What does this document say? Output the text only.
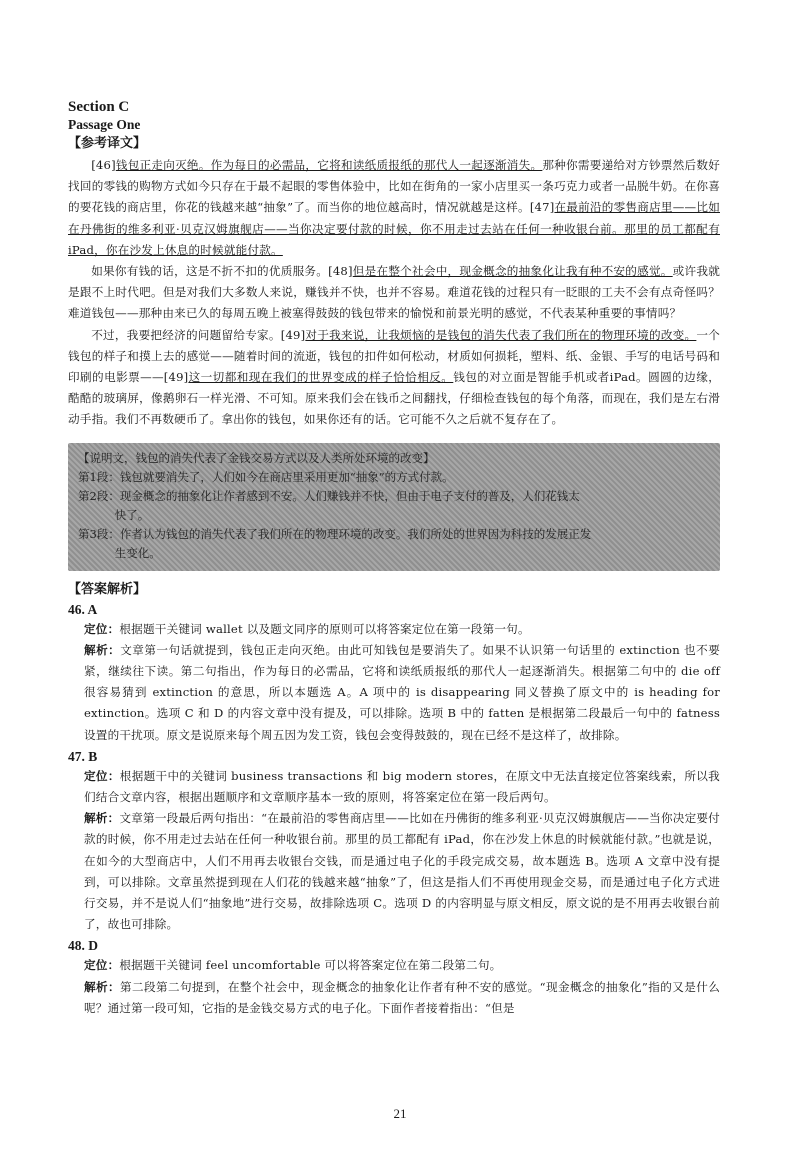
Section C
Passage One
【参考译文】

[46]钱包正走向灭绝。作为每日的必需品，它将和读纸质报纸的那代人一起逐渐消失。那种你需要递给对方钞票然后数好找回的零钱的购物方式如今只存在于最不起眼的零售体验中，比如在街角的一家小店里买一条巧克力或者一品脱牛奶。在你喜的要花钱的商店里，你花的钱越来越“抽象”了。而当你的地位越高时，情况就越是这样。[47]在最前沿的零售商店里——比如在丹佛街的维多利亚·贝克汉姆旗舰店——当你决定要付款的时候，你不用走过去站在任何一种收银台前。那里的员工都配有iPad，你在沙发上休息的时候就能付款。

如果你有钱的话，这是不折不扣的优质服务。[48]但是在整个社会中，现金概念的抽象化让我有种不安的感觉。或许我就是跟不上时代吧。但是对我们大多数人来说，赚钱并不快，也并不容易。难道花钱的过程只有一眨眼的工夫不会有点奇怪吗？难道钱包——那种由来已久的每周五晚上被塞得鼓鼓的钱包带来的愉悦和前景光明的感觉，不代表某种重要的事情吗？

不过，我要把经济的问题留给专家。[49]对于我来说，让我烦恼的是钱包的消失代表了我们所在的物理环境的改变。一个钱包的样子和摸上去的感觉——随着时间的流逝，钱包的扣件如何松动，材质如何损耗，塑料、纸、金银、手写的电话号码和印刷的电影票——[49]这一切都和现在我们的世界变成的样子恰恰相反。钱包的对立面是智能手机或者iPad。圆圆的边缘，酷酷的玻璃屏，像鹅卵石一样光滑、不可知。原来我们会在钱币之间翻找，仔细检查钱包的每个角落，而现在，我们是左右滑动手指。我们不再数硬币了。拿出你的钱包，如果你还有的话。它可能不久之后就不复存在了。

【说明文，钱包的消失代表了金钱交易方式以及人类所处环境的改变】
第1段：钱包就要消失了，人们如今在商店里采用更加“抽象”的方式付款。
第2段：现金概念的抽象化让作者感到不安。人们赚钱并不快，但由于电子支付的普及，人们花钱太
快了。
第3段：作者认为钱包的消失代表了我们所在的物理环境的改变。我们所处的世界因为科技的发展正发
生变化。
【答案解析】
46. A

定位：根据题干关键词 wallet 以及题文同序的原则可以将答案定位在第一段第一句。

解析：文章第一句话就提到，钱包正走向灭绝。由此可知钱包是要消失了。如果不认识第一句话里的 extinction 也不要紧，继续往下读。第二句指出，作为每日的必需品，它将和读纸质报纸的那代人一起逐渐消失。根据第二句中的 die off 很容易猜到 extinction 的意思，所以本题选 A。A 项中的 is disappearing 同义替换了原文中的 is heading for extinction。选项 C 和 D 的内容文章中没有提及，可以排除。选项 B 中的 fatten 是根据第二段最后一句中的 fatness 设置的干扰项。原文是说原来每个周五因为发工资，钱包会变得鼓鼓的，现在已经不是这样了，故排除。

47. B

定位：根据题干中的关键词 business transactions 和 big modern stores，在原文中无法直接定位答案线索，所以我们结合文章内容，根据出题顺序和文章顺序基本一致的原则，将答案定位在第一段后两句。

解析：文章第一段最后两句指出：“在最前沿的零售商店里——比如在丹佛街的维多利亚·贝克汉姆旗舰店——当你决定要付款的时候，你不用走过去站在任何一种收银台前。那里的员工都配有 iPad，你在沙发上休息的时候就能付款。”也就是说，在如今的大型商店中，人们不用再去收银台交钱，而是通过电子化的手段完成交易，故本题选 B。选项 A 文章中没有提到，可以排除。文章虽然提到现在人们花的钱越来越“抽象”了，但这是指人们不再使用现金交易，而是通过电子化方式进行交易，并不是说人们“抽象地”进行交易，故排除选项 C。选项 D 的内容明显与原文相反，原文说的是不用再去收银台前了，故也可排除。

48. D

定位：根据题干关键词 feel uncomfortable 可以将答案定位在第二段第二句。

解析：第二段第二句提到，在整个社会中，现金概念的抽象化让作者有种不安的感觉。“现金概念的抽象化”指的又是什么呢？通过第一段可知，它指的是金钱交易方式的电子化。下面作者接着指出：“但是

21
